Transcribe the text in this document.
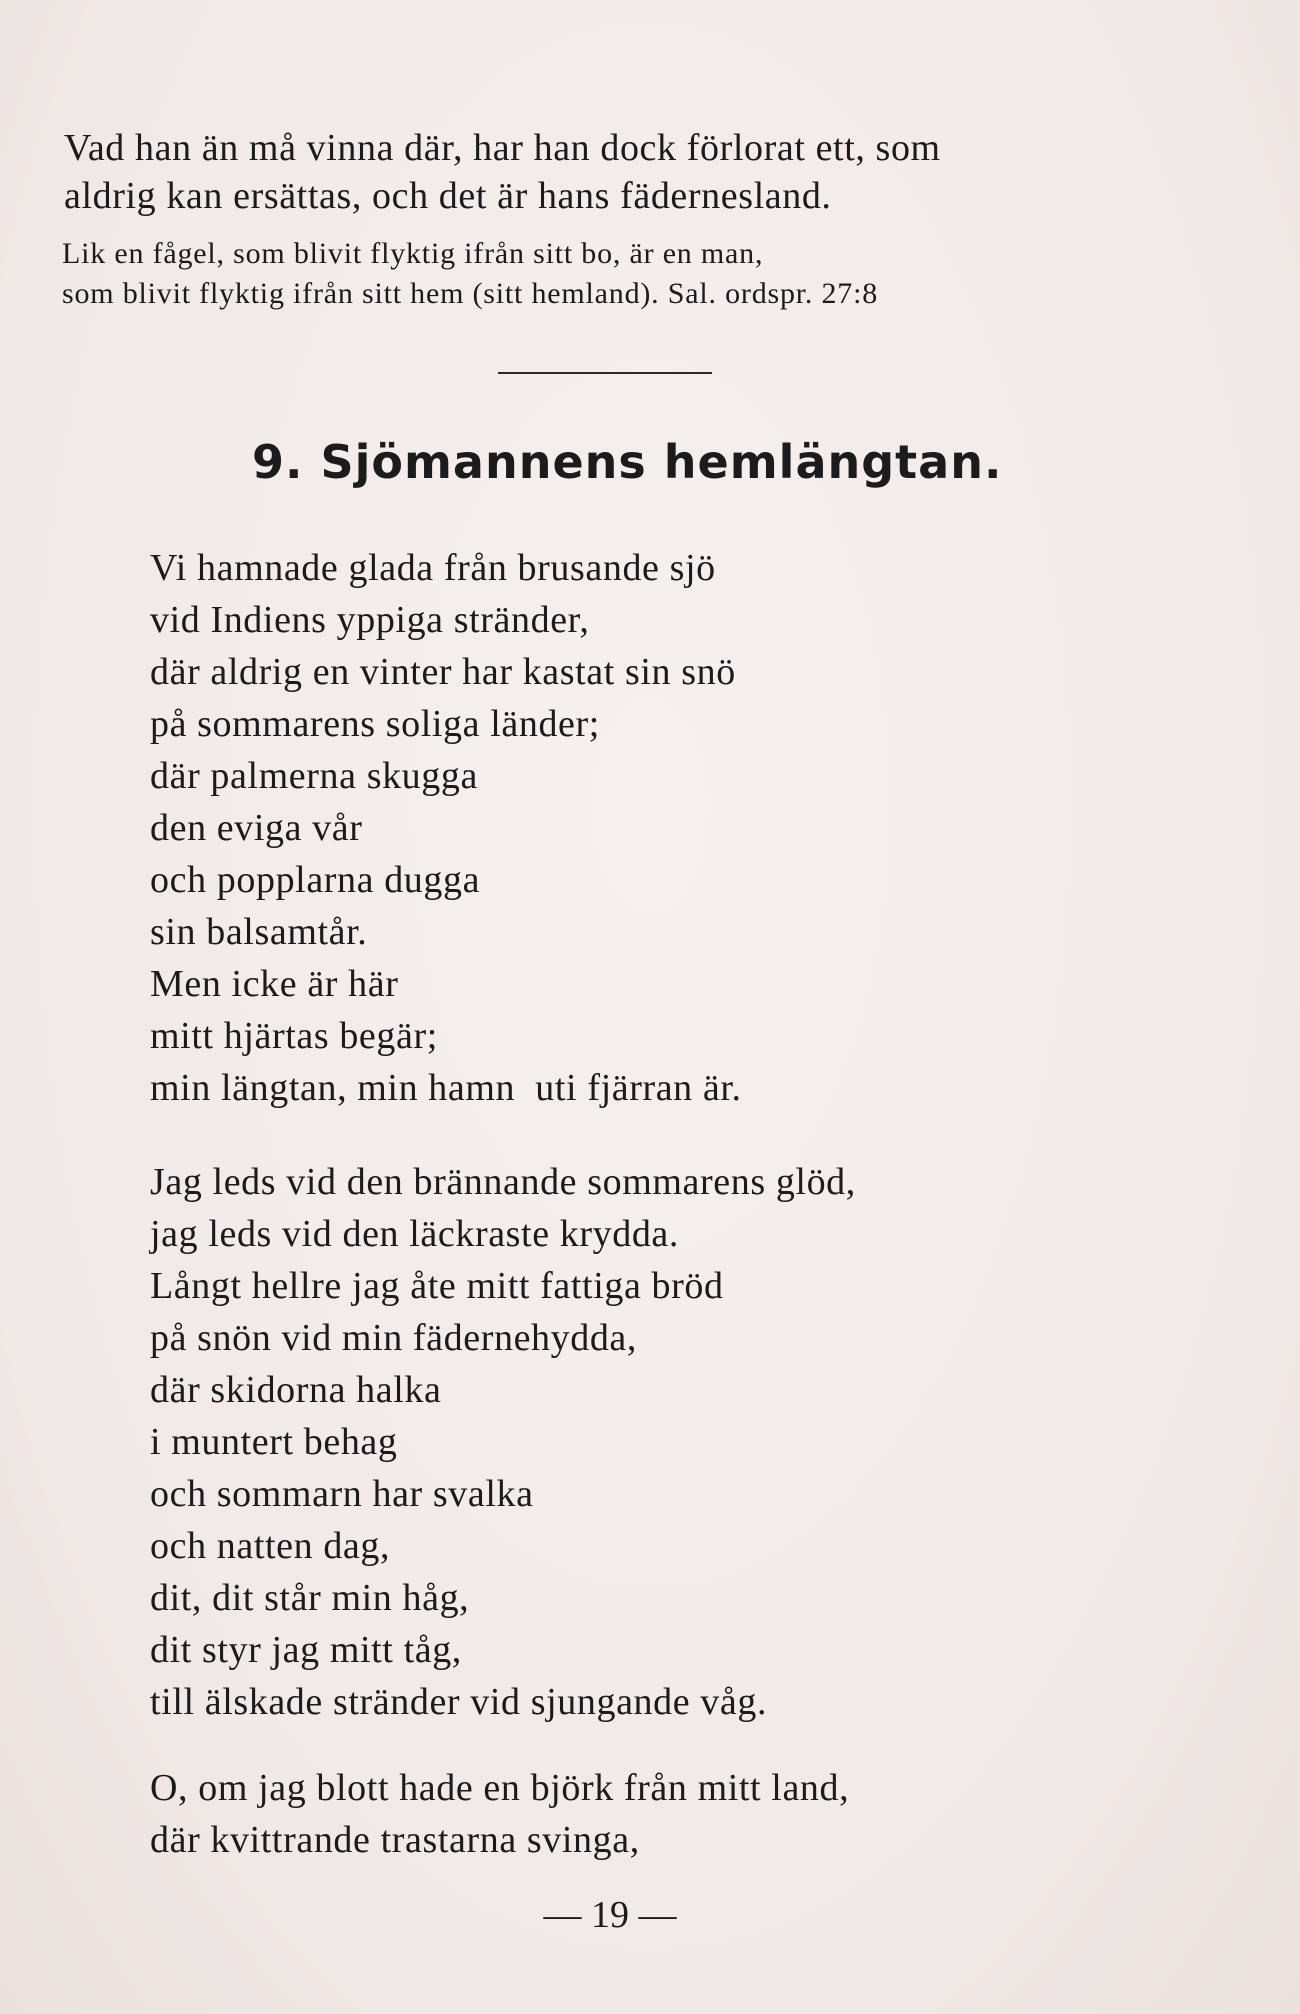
Vad han än må vinna där, har han dock förlorat ett, som
aldrig kan ersättas, och det är hans fädernesland.

Lik en fågel, som blivit flyktig ifrån sitt bo, är en man,
som blivit flyktig ifrån sitt hem (sitt hemland). Sal. ordspr. 27:8

9. Sjömannens hemlängtan.
Vi hamnade glada från brusande sjö
vid Indiens yppiga stränder,
där aldrig en vinter har kastat sin snö
på sommarens soliga länder;
där palmerna skugga
den eviga vår
och popplarna dugga
sin balsamtår.
Men icke är här
mitt hjärtas begär;
min längtan, min hamn  uti fjärran är.
Jag leds vid den brännande sommarens glöd,
jag leds vid den läckraste krydda.
Långt hellre jag åte mitt fattiga bröd
på snön vid min fädernehydda,
där skidorna halka
i muntert behag
och sommarn har svalka
och natten dag,
dit, dit står min håg,
dit styr jag mitt tåg,
till älskade stränder vid sjungande våg.
O, om jag blott hade en björk från mitt land,
där kvittrande trastarna svinga,

— 19 —
